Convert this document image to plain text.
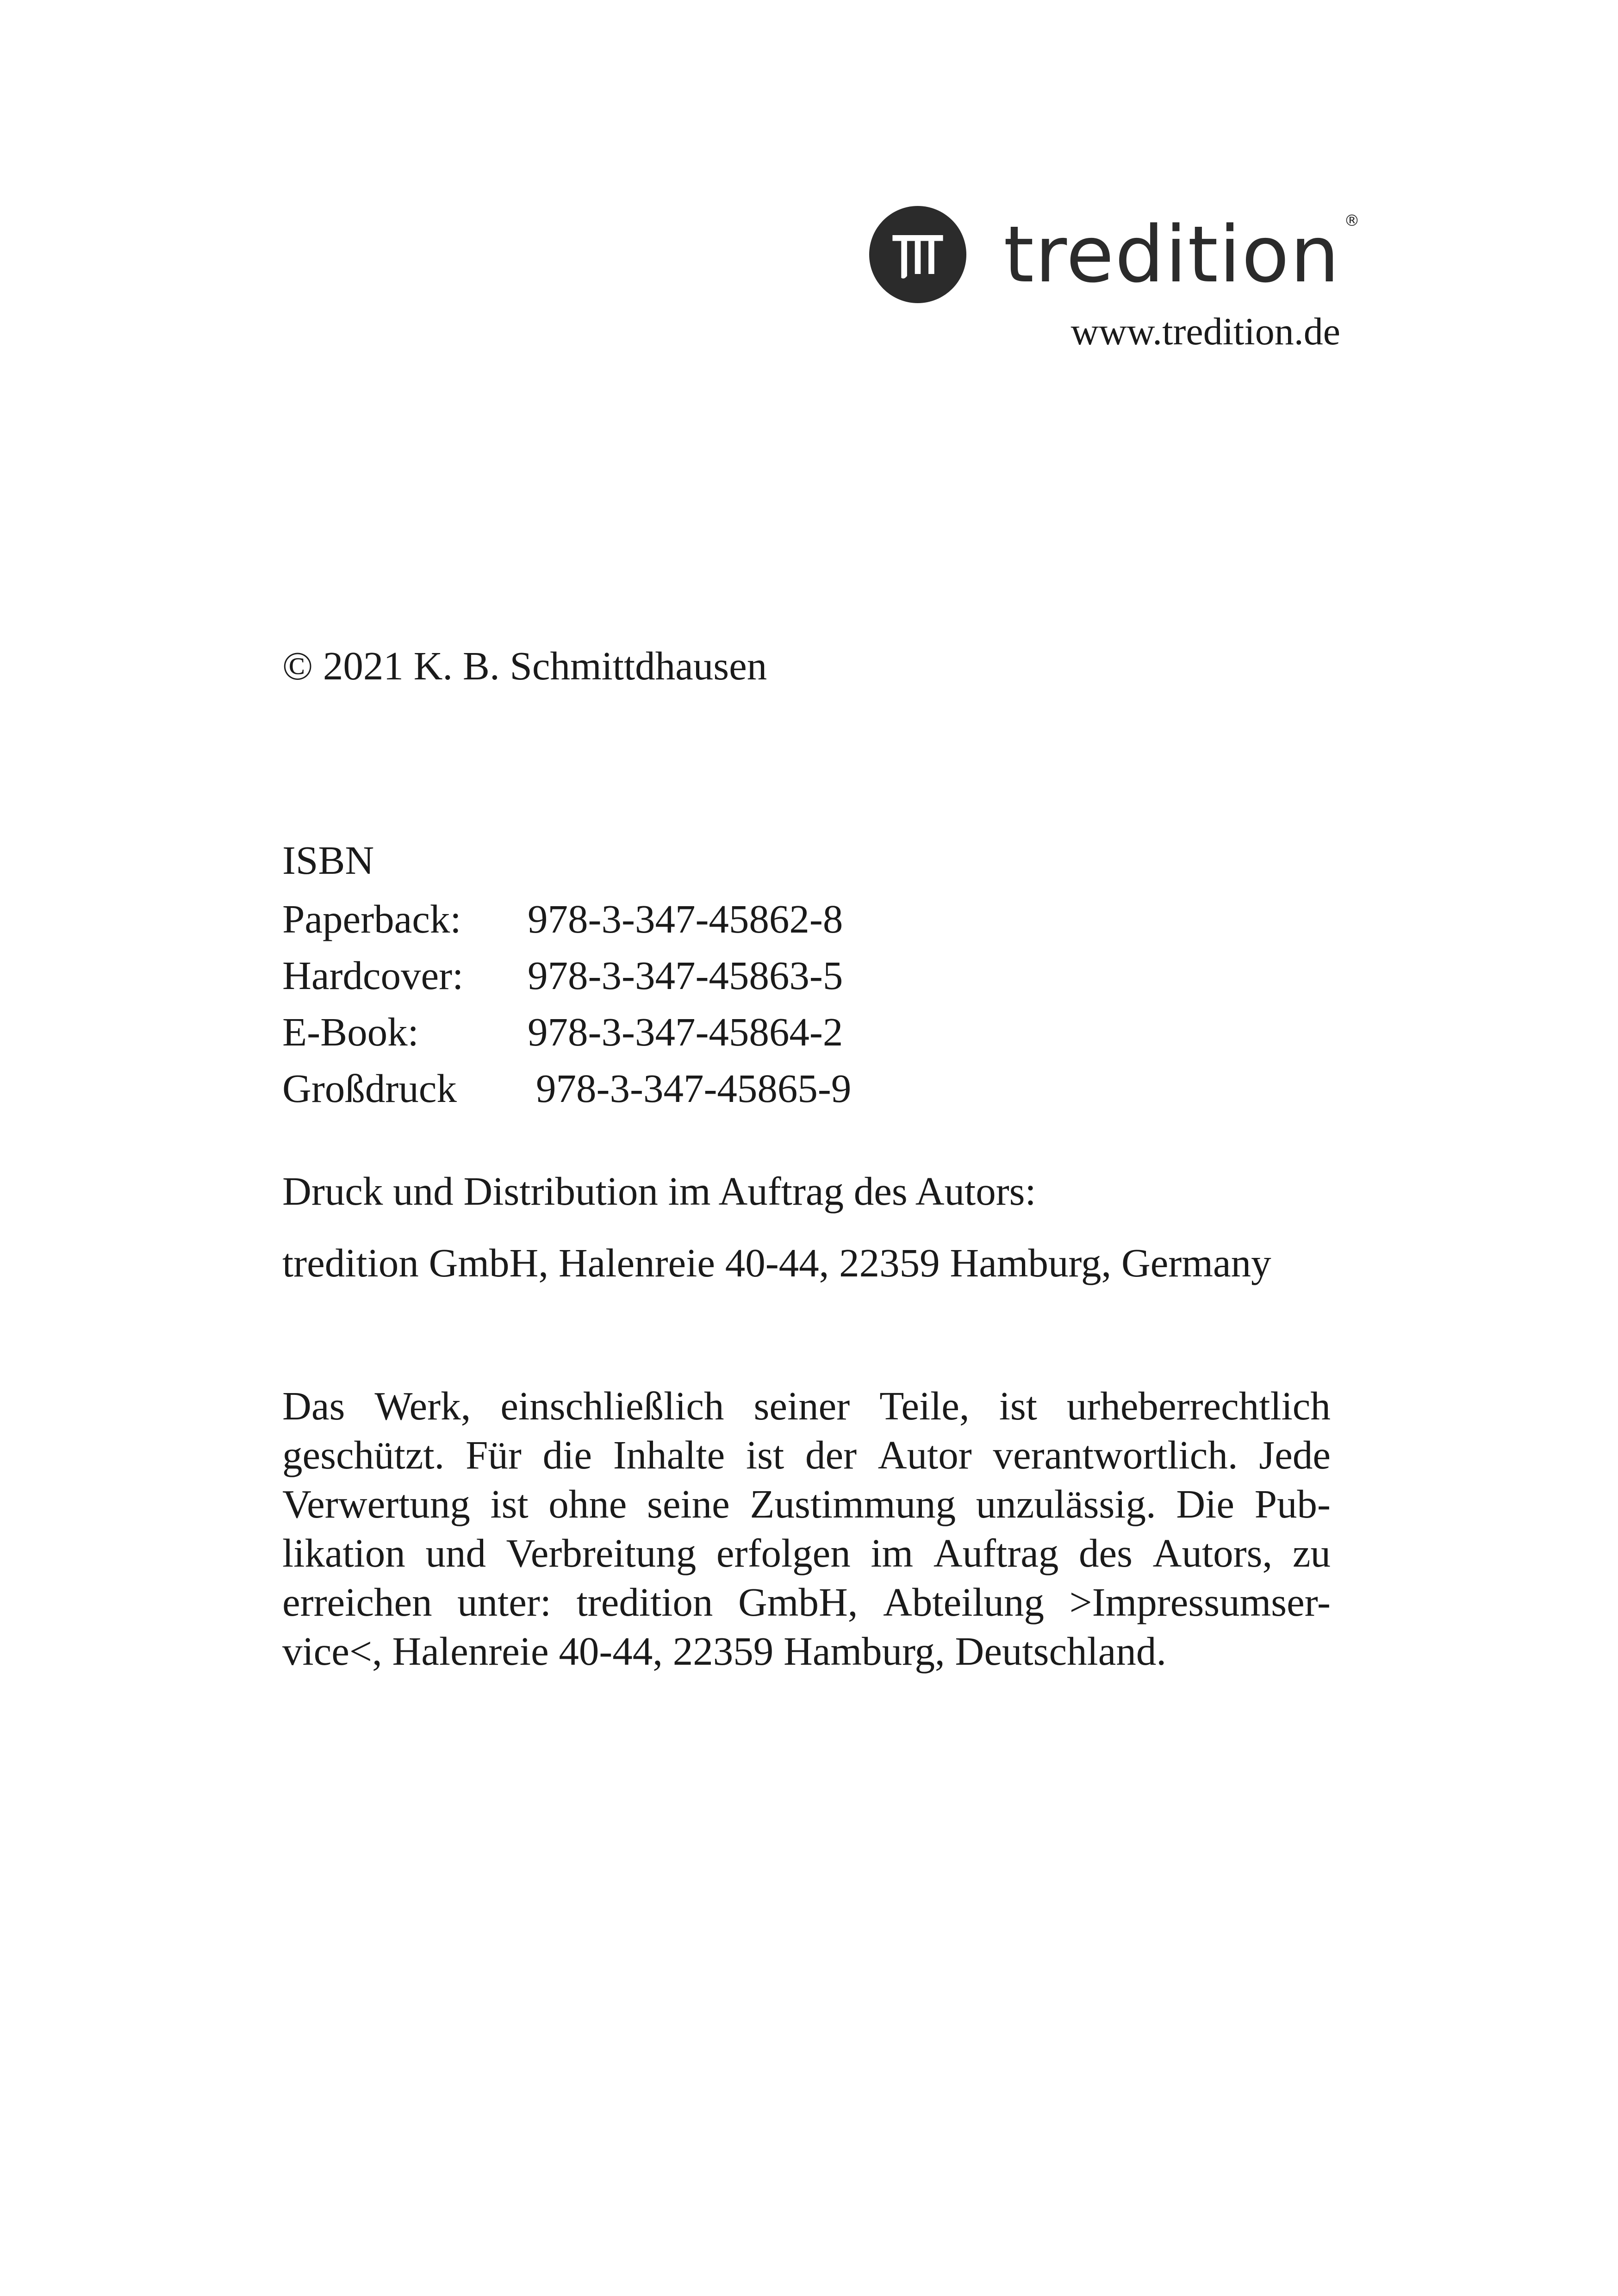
tredition ®
www.tredition.de
© 2021 K. B. Schmittdhausen
ISBN
Paperback:	978-3-347-45862-8
Hardcover:	978-3-347-45863-5
E-Book:	978-3-347-45864-2
Großdruck	978-3-347-45865-9
Druck und Distribution im Auftrag des Autors:
tredition GmbH, Halenreie 40-44, 22359 Hamburg, Germany
Das Werk, einschließlich seiner Teile, ist urheberrechtlich
geschützt. Für die Inhalte ist der Autor verantwortlich. Jede
Verwertung ist ohne seine Zustimmung unzulässig. Die Pub-
likation und Verbreitung erfolgen im Auftrag des Autors, zu
erreichen unter: tredition GmbH, Abteilung >Impressumser-
vice<, Halenreie 40-44, 22359 Hamburg, Deutschland.
